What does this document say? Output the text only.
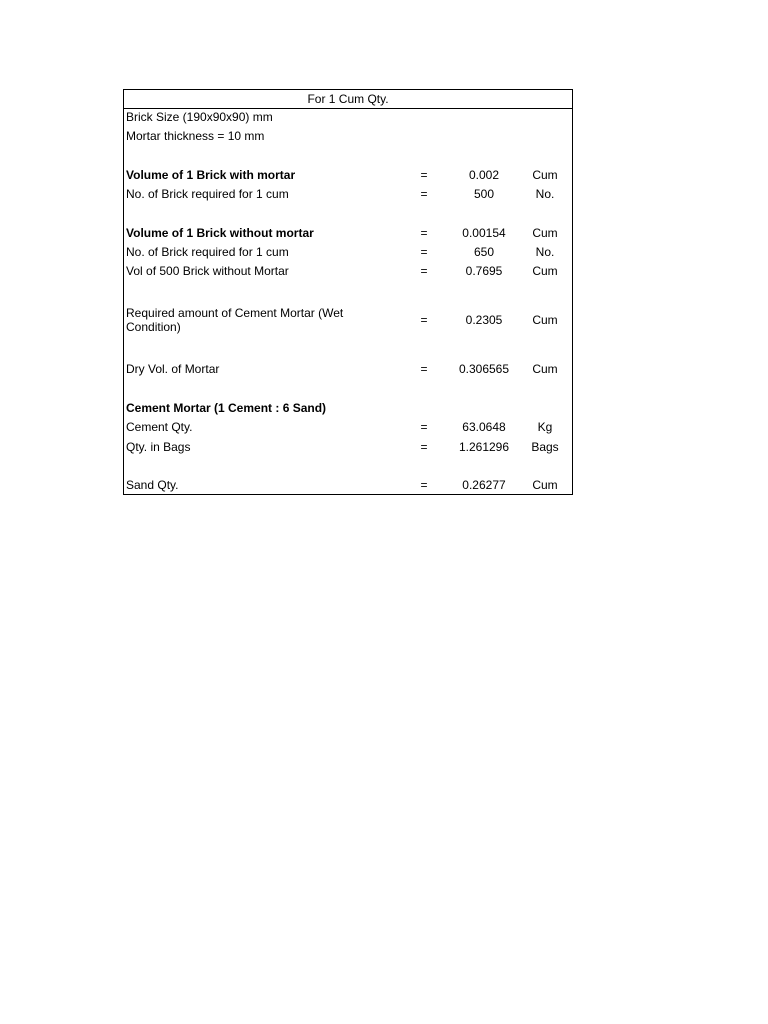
For 1 Cum Qty.
Brick Size (190x90x90) mm
Mortar thickness = 10 mm
Volume of 1 Brick with mortar	=	0.002	Cum
No. of Brick required for 1 cum	=	500	No.
Volume of 1 Brick without mortar	=	0.00154	Cum
No. of Brick required for 1 cum	=	650	No.
Vol of 500 Brick without Mortar	=	0.7695	Cum
Required amount of Cement Mortar (Wet Condition)	=	0.2305	Cum
Dry Vol. of Mortar	=	0.306565	Cum
Cement Mortar (1 Cement : 6 Sand)
Cement Qty.	=	63.0648	Kg
Qty. in Bags	=	1.261296	Bags
Sand Qty.	=	0.26277	Cum
